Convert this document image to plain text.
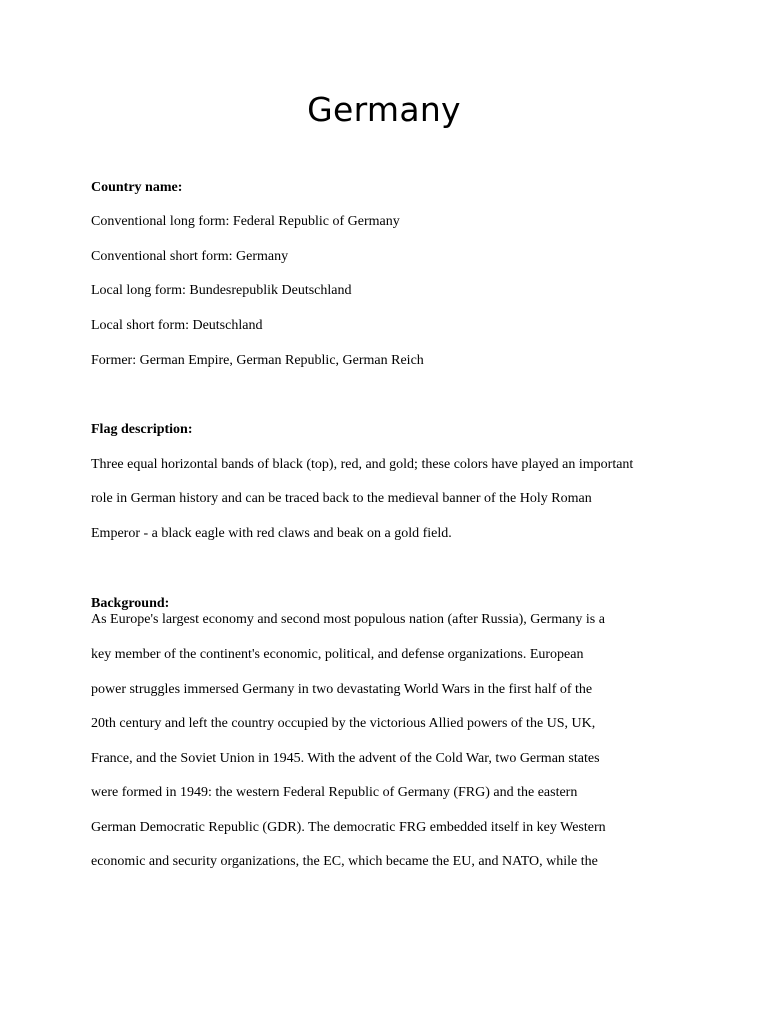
Germany
Country name:
Conventional long form: Federal Republic of Germany
Conventional short form: Germany
Local long form: Bundesrepublik Deutschland
Local short form: Deutschland
Former: German Empire, German Republic, German Reich
Flag description:
Three equal horizontal bands of black (top), red, and gold; these colors have played an important
role in German history and can be traced back to the medieval banner of the Holy Roman
Emperor - a black eagle with red claws and beak on a gold field.
Background:
As Europe's largest economy and second most populous nation (after Russia), Germany is a
key member of the continent's economic, political, and defense organizations. European
power struggles immersed Germany in two devastating World Wars in the first half of the
20th century and left the country occupied by the victorious Allied powers of the US, UK,
France, and the Soviet Union in 1945. With the advent of the Cold War, two German states
were formed in 1949: the western Federal Republic of Germany (FRG) and the eastern
German Democratic Republic (GDR). The democratic FRG embedded itself in key Western
economic and security organizations, the EC, which became the EU, and NATO, while the
